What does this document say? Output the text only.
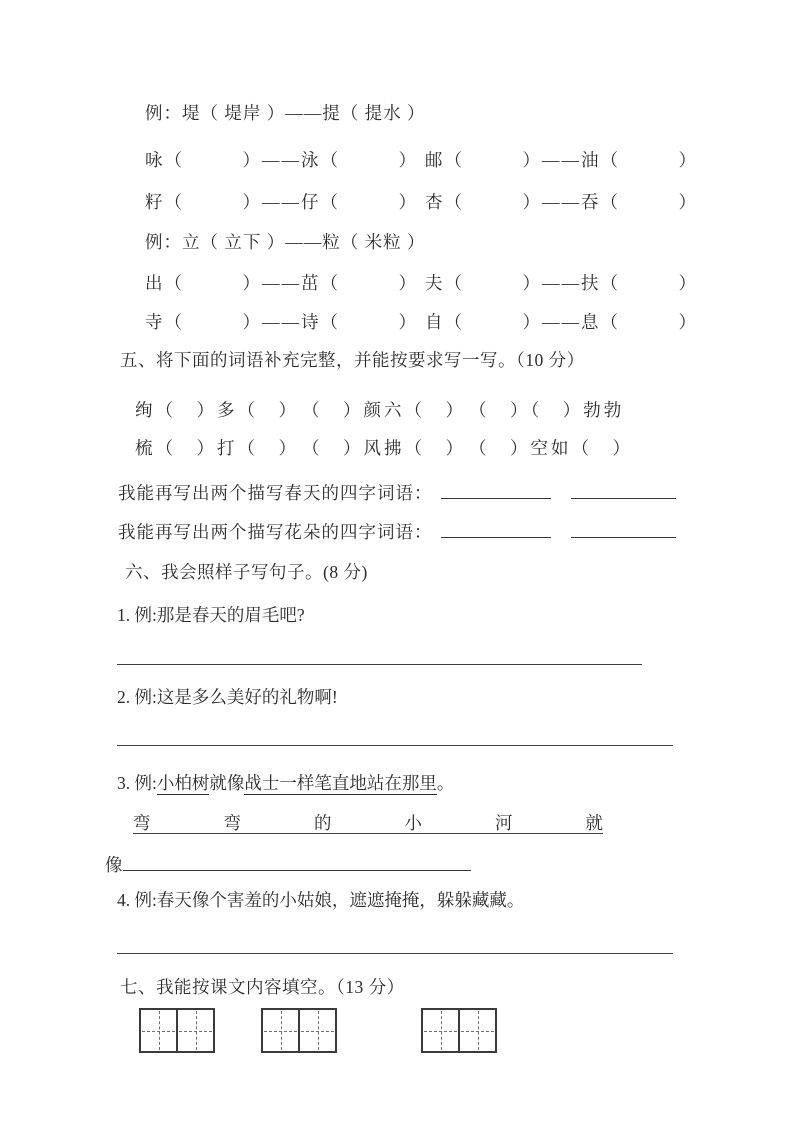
例：堤（ 堤岸 ）——提（ 提水 ）
咏（　　　）——泳（　　　） 邮（　　　）——油（　　　）
籽（　　　）——仔（　　　） 杏（　　　）——吞（　　　）
例：立（ 立下 ）——粒（ 米粒 ）
出（　　　）——茁（　　　） 夫（　　　）——扶（　　　）
寺（　　　）——诗（　　　） 自（　　　）——息（　　　）
五、将下面的词语补充完整，并能按要求写一写。（10 分）
绚（　）多（　）　（　）颜六（　）　（　）（　）勃勃
梳（　）打（　）　（　）风拂（　）　（　）空如（　）
我能再写出两个描写春天的四字词语：
我能再写出两个描写花朵的四字词语：
六、我会照样子写句子。(8 分)
1. 例:那是春天的眉毛吧?
2. 例:这是多么美好的礼物啊!
3. 例:小柏树就像战士一样笔直地站在那里。
弯	弯	的	小	河	就
像
4. 例:春天像个害羞的小姑娘，遮遮掩掩，躲躲藏藏。
七、我能按课文内容填空。（13 分）
